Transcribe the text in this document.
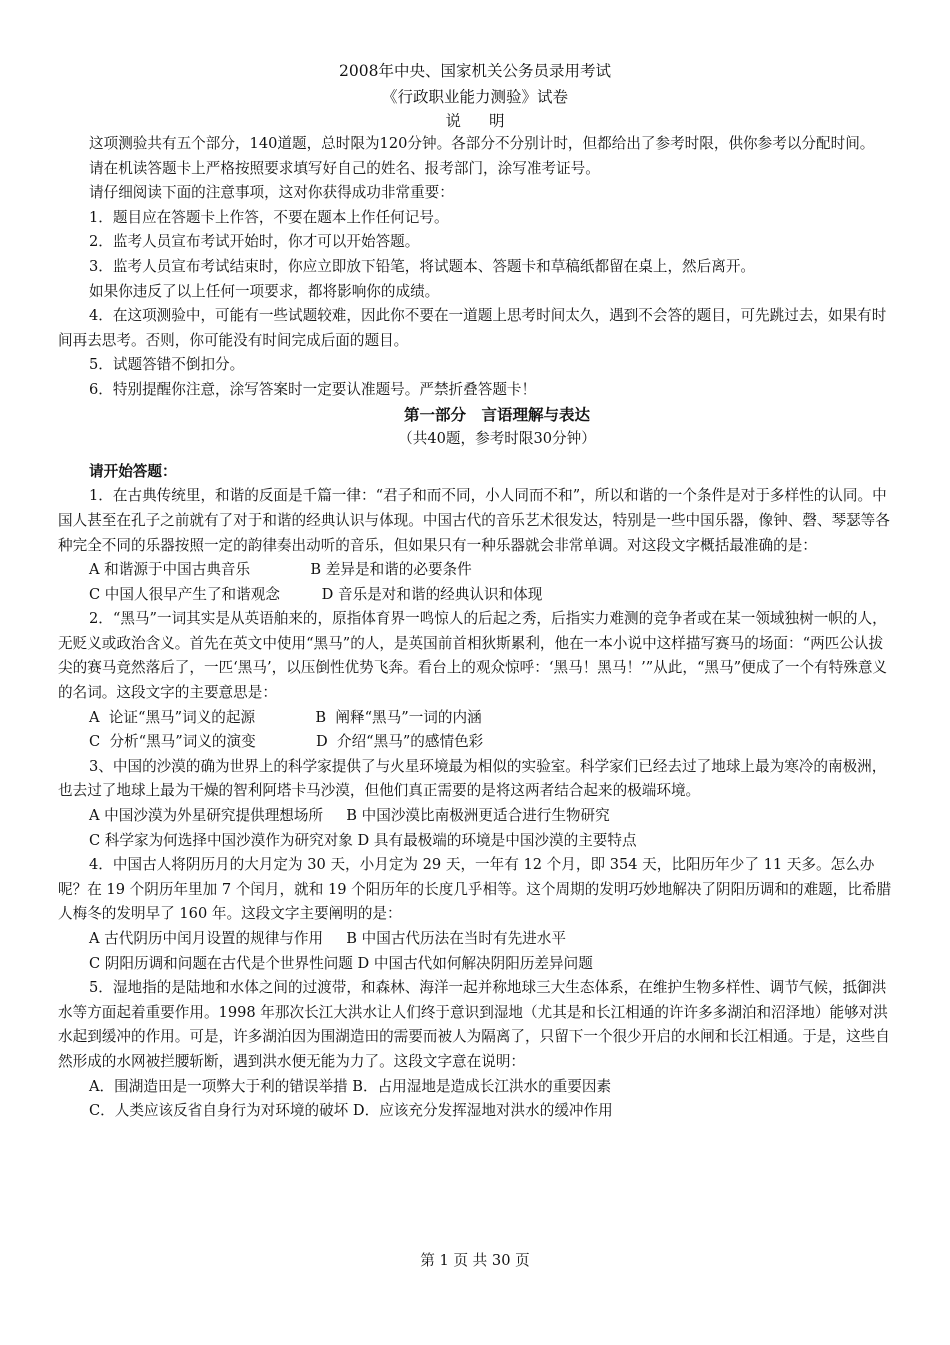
2008年中央、国家机关公务员录用考试
《行政职业能力测验》试卷
说明

这项测验共有五个部分，140道题，总时限为120分钟。各部分不分别计时，但都给出了参考时限，供你参考以分配时间。

请在机读答题卡上严格按照要求填写好自己的姓名、报考部门，涂写准考证号。

请仔细阅读下面的注意事项，这对你获得成功非常重要：

1．题目应在答题卡上作答，不要在题本上作任何记号。

2．监考人员宣布考试开始时，你才可以开始答题。

3．监考人员宣布考试结束时，你应立即放下铅笔，将试题本、答题卡和草稿纸都留在桌上，然后离开。

如果你违反了以上任何一项要求，都将影响你的成绩。

4．在这项测验中，可能有一些试题较难，因此你不要在一道题上思考时间太久，遇到不会答的题目，可先跳过去，如果有时间再去思考。否则，你可能没有时间完成后面的题目。

5．试题答错不倒扣分。

6．特别提醒你注意，涂写答案时一定要认准题号。严禁折叠答题卡！

第一部分　言语理解与表达

（共40题，参考时限30分钟）

请开始答题：

1．在古典传统里，和谐的反面是千篇一律：“君子和而不同，小人同而不和”，所以和谐的一个条件是对于多样性的认同。中国人甚至在孔子之前就有了对于和谐的经典认识与体现。中国古代的音乐艺术很发达，特别是一些中国乐器，像钟、磬、琴瑟等各种完全不同的乐器按照一定的韵律奏出动听的音乐，但如果只有一种乐器就会非常单调。对这段文字概括最准确的是：

A 和谐源于中国古典音乐             B 差异是和谐的必要条件

C 中国人很早产生了和谐观念         D 音乐是对和谐的经典认识和体现

2．“黑马”一词其实是从英语舶来的，原指体育界一鸣惊人的后起之秀，后指实力难测的竞争者或在某一领域独树一帜的人，无贬义或政治含义。首先在英文中使用“黑马”的人，是英国前首相狄斯累利，他在一本小说中这样描写赛马的场面：“两匹公认拔尖的赛马竟然落后了，一匹‘黑马’，以压倒性优势飞奔。看台上的观众惊呼：‘黑马！黑马！’”从此，“黑马”便成了一个有特殊意义的名词。这段文字的主要意思是：

A  论证“黑马”词义的起源             B  阐释“黑马”一词的内涵

C  分析“黑马”词义的演变             D  介绍“黑马”的感情色彩

3、中国的沙漠的确为世界上的科学家提供了与火星环境最为相似的实验室。科学家们已经去过了地球上最为寒冷的南极洲，也去过了地球上最为干燥的智利阿塔卡马沙漠，但他们真正需要的是将这两者结合起来的极端环境。

A 中国沙漠为外星研究提供理想场所     B 中国沙漠比南极洲更适合进行生物研究

C 科学家为何选择中国沙漠作为研究对象 D 具有最极端的环境是中国沙漠的主要特点

4．中国古人将阴历月的大月定为 30 天，小月定为 29 天，一年有 12 个月，即 354 天，比阳历年少了 11 天多。怎么办呢？在 19 个阴历年里加 7 个闰月，就和 19 个阳历年的长度几乎相等。这个周期的发明巧妙地解决了阴阳历调和的难题，比希腊人梅冬的发明早了 160 年。这段文字主要阐明的是：

A 古代阴历中闰月设置的规律与作用     B 中国古代历法在当时有先进水平

C 阴阳历调和问题在古代是个世界性问题 D 中国古代如何解决阴阳历差异问题

5．湿地指的是陆地和水体之间的过渡带，和森林、海洋一起并称地球三大生态体系，在维护生物多样性、调节气候，抵御洪水等方面起着重要作用。1998 年那次长江大洪水让人们终于意识到湿地（尤其是和长江相通的许许多多湖泊和沼泽地）能够对洪水起到缓冲的作用。可是，许多湖泊因为围湖造田的需要而被人为隔离了，只留下一个很少开启的水闸和长江相通。于是，这些自然形成的水网被拦腰斩断，遇到洪水便无能为力了。这段文字意在说明：

A．围湖造田是一项弊大于利的错误举措 B．占用湿地是造成长江洪水的重要因素

C．人类应该反省自身行为对环境的破坏 D．应该充分发挥湿地对洪水的缓冲作用

第 1 页 共 30 页
